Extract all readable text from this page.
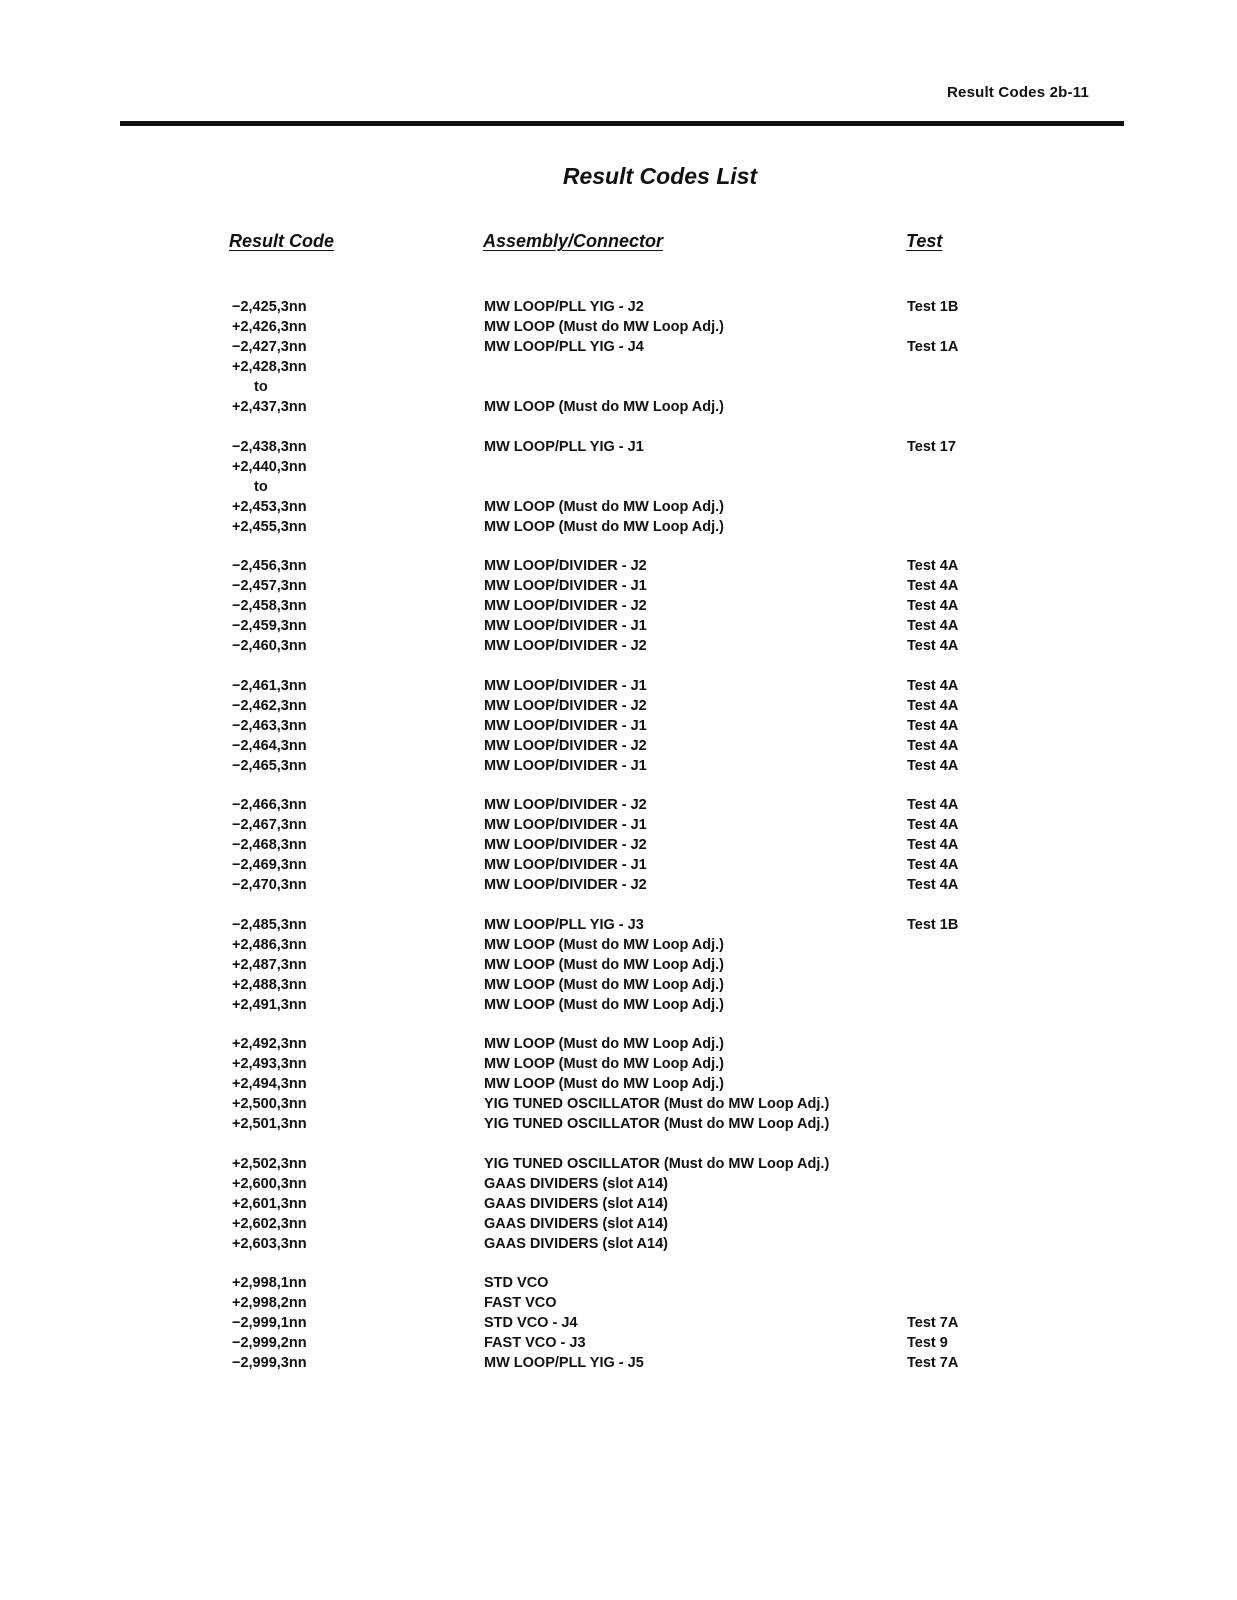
Result Codes 2b-11
Result Codes List
Result Code	Assembly/Connector	Test
−2,425,3nn	MW LOOP/PLL YIG - J2	Test 1B
+2,426,3nn	MW LOOP (Must do MW Loop Adj.)
−2,427,3nn	MW LOOP/PLL YIG - J4	Test 1A
+2,428,3nn
to
+2,437,3nn	MW LOOP (Must do MW Loop Adj.)
−2,438,3nn	MW LOOP/PLL YIG - J1	Test 17
+2,440,3nn
to
+2,453,3nn	MW LOOP (Must do MW Loop Adj.)
+2,455,3nn	MW LOOP (Must do MW Loop Adj.)
−2,456,3nn	MW LOOP/DIVIDER - J2	Test 4A
−2,457,3nn	MW LOOP/DIVIDER - J1	Test 4A
−2,458,3nn	MW LOOP/DIVIDER - J2	Test 4A
−2,459,3nn	MW LOOP/DIVIDER - J1	Test 4A
−2,460,3nn	MW LOOP/DIVIDER - J2	Test 4A
−2,461,3nn	MW LOOP/DIVIDER - J1	Test 4A
−2,462,3nn	MW LOOP/DIVIDER - J2	Test 4A
−2,463,3nn	MW LOOP/DIVIDER - J1	Test 4A
−2,464,3nn	MW LOOP/DIVIDER - J2	Test 4A
−2,465,3nn	MW LOOP/DIVIDER - J1	Test 4A
−2,466,3nn	MW LOOP/DIVIDER - J2	Test 4A
−2,467,3nn	MW LOOP/DIVIDER - J1	Test 4A
−2,468,3nn	MW LOOP/DIVIDER - J2	Test 4A
−2,469,3nn	MW LOOP/DIVIDER - J1	Test 4A
−2,470,3nn	MW LOOP/DIVIDER - J2	Test 4A
−2,485,3nn	MW LOOP/PLL YIG - J3	Test 1B
+2,486,3nn	MW LOOP (Must do MW Loop Adj.)
+2,487,3nn	MW LOOP (Must do MW Loop Adj.)
+2,488,3nn	MW LOOP (Must do MW Loop Adj.)
+2,491,3nn	MW LOOP (Must do MW Loop Adj.)
+2,492,3nn	MW LOOP (Must do MW Loop Adj.)
+2,493,3nn	MW LOOP (Must do MW Loop Adj.)
+2,494,3nn	MW LOOP (Must do MW Loop Adj.)
+2,500,3nn	YIG TUNED OSCILLATOR (Must do MW Loop Adj.)
+2,501,3nn	YIG TUNED OSCILLATOR (Must do MW Loop Adj.)
+2,502,3nn	YIG TUNED OSCILLATOR (Must do MW Loop Adj.)
+2,600,3nn	GAAS DIVIDERS (slot A14)
+2,601,3nn	GAAS DIVIDERS (slot A14)
+2,602,3nn	GAAS DIVIDERS (slot A14)
+2,603,3nn	GAAS DIVIDERS (slot A14)
+2,998,1nn	STD VCO
+2,998,2nn	FAST VCO
−2,999,1nn	STD VCO - J4	Test 7A
−2,999,2nn	FAST VCO - J3	Test 9
−2,999,3nn	MW LOOP/PLL YIG - J5	Test 7A
